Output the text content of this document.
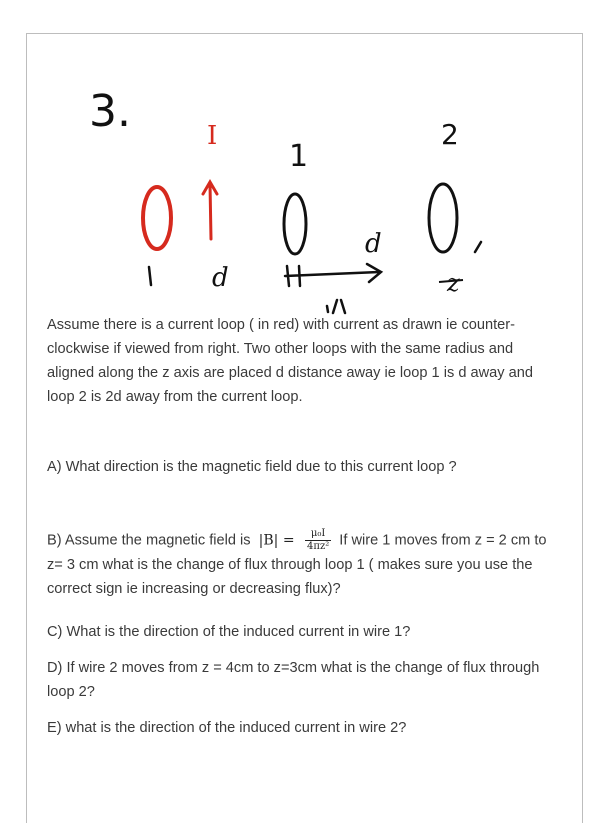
3.	I
1
2
d
d
z

Assume there is a current loop ( in red) with current as drawn ie counter-clockwise if viewed from right. Two other loops with the same radius and aligned along the z axis are placed d distance away ie loop 1 is d away and loop 2 is 2d away from the current loop.

A) What direction is the magnetic field due to this current loop ?

B) Assume the magnetic field is $|B| = \frac{\text{μ₀I}}{\text{4πz²}}$ If wire 1 moves from z = 2 cm to z= 3 cm what is the change of flux through loop 1 ( makes sure you use the correct sign ie increasing or decreasing flux)?

C) What is the direction of the induced current in wire 1?

D) If wire 2 moves from z = 4cm to z=3cm what is the change of flux through loop 2?

E) what is the direction of the induced current in wire 2?
